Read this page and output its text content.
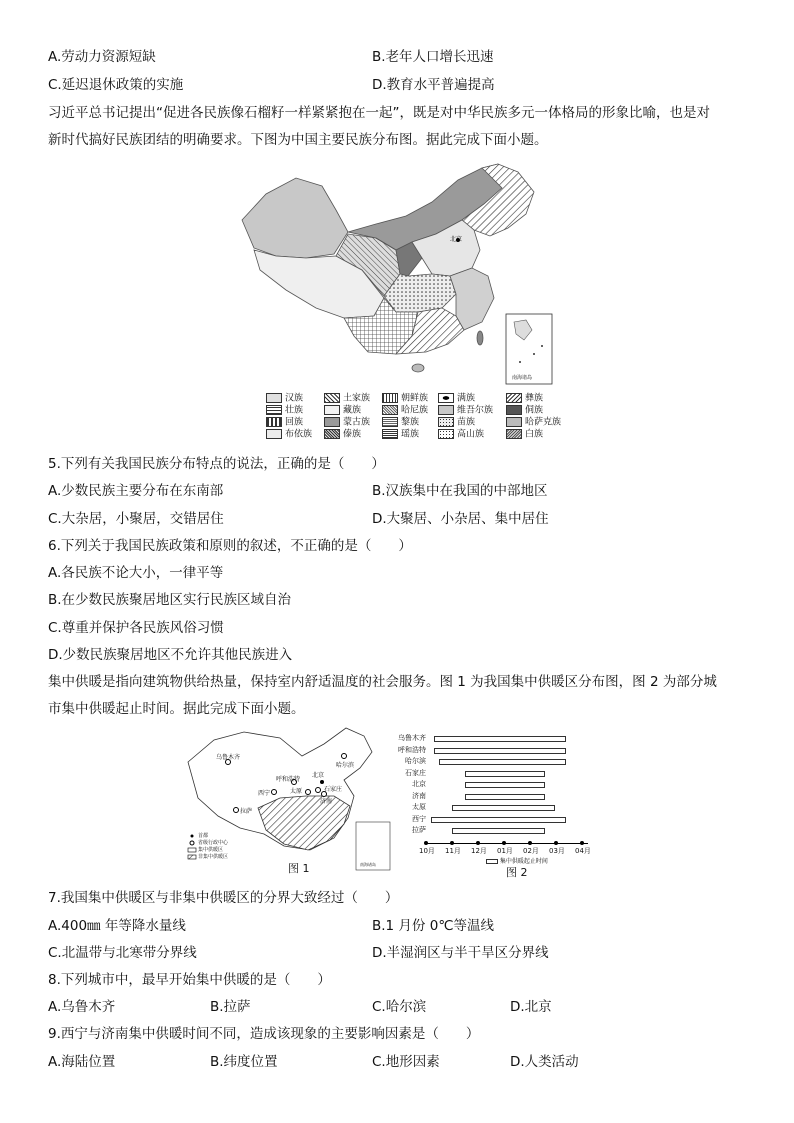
A.劳动力资源短缺	B.老年人口增长迅速
C.延迟退休政策的实施	D.教育水平普遍提高
习近平总书记提出“促进各民族像石榴籽一样紧紧抱在一起”，既是对中华民族多元一体格局的形象比喻，也是对
新时代搞好民族团结的明确要求。下图为中国主要民族分布图。据此完成下面小题。
北京
南海诸岛
汉族	土家族	朝鲜族	满族	彝族
壮族	藏族	哈尼族	维吾尔族	侗族
回族	蒙古族	黎族	苗族	哈萨克族
布依族	傣族	瑶族	高山族	白族
5.下列有关我国民族分布特点的说法，正确的是（　　）
A.少数民族主要分布在东南部	B.汉族集中在我国的中部地区
C.大杂居，小聚居，交错居住	D.大聚居、小杂居、集中居住
6.下列关于我国民族政策和原则的叙述，不正确的是（　　）
A.各民族不论大小，一律平等
B.在少数民族聚居地区实行民族区域自治
C.尊重并保护各民族风俗习惯
D.少数民族聚居地区不允许其他民族进入
集中供暖是指向建筑物供给热量，保持室内舒适温度的社会服务。图 1 为我国集中供暖区分布图，图 2 为部分城
市集中供暖起止时间。据此完成下面小题。
乌鲁木齐
哈尔滨
北京
呼和浩特
太原	石家庄
济南
西宁
拉萨
首都
省级行政中心
集中供暖区
非集中供暖区
南海诸岛
图 1
乌鲁木齐
呼和浩特
哈尔滨
石家庄
北京
济南
太原
西宁
拉萨
10月 11月 12月 01月 02月 03月 04月
集中供暖起止时间
图 2
7.我国集中供暖区与非集中供暖区的分界大致经过（　　）
A.400㎜ 年等降水量线	B.1 月份 0℃等温线
C.北温带与北寒带分界线	D.半湿润区与半干旱区分界线
8.下列城市中，最早开始集中供暖的是（　　）
A.乌鲁木齐	B.拉萨	C.哈尔滨	D.北京
9.西宁与济南集中供暖时间不同，造成该现象的主要影响因素是（　　）
A.海陆位置	B.纬度位置	C.地形因素	D.人类活动
